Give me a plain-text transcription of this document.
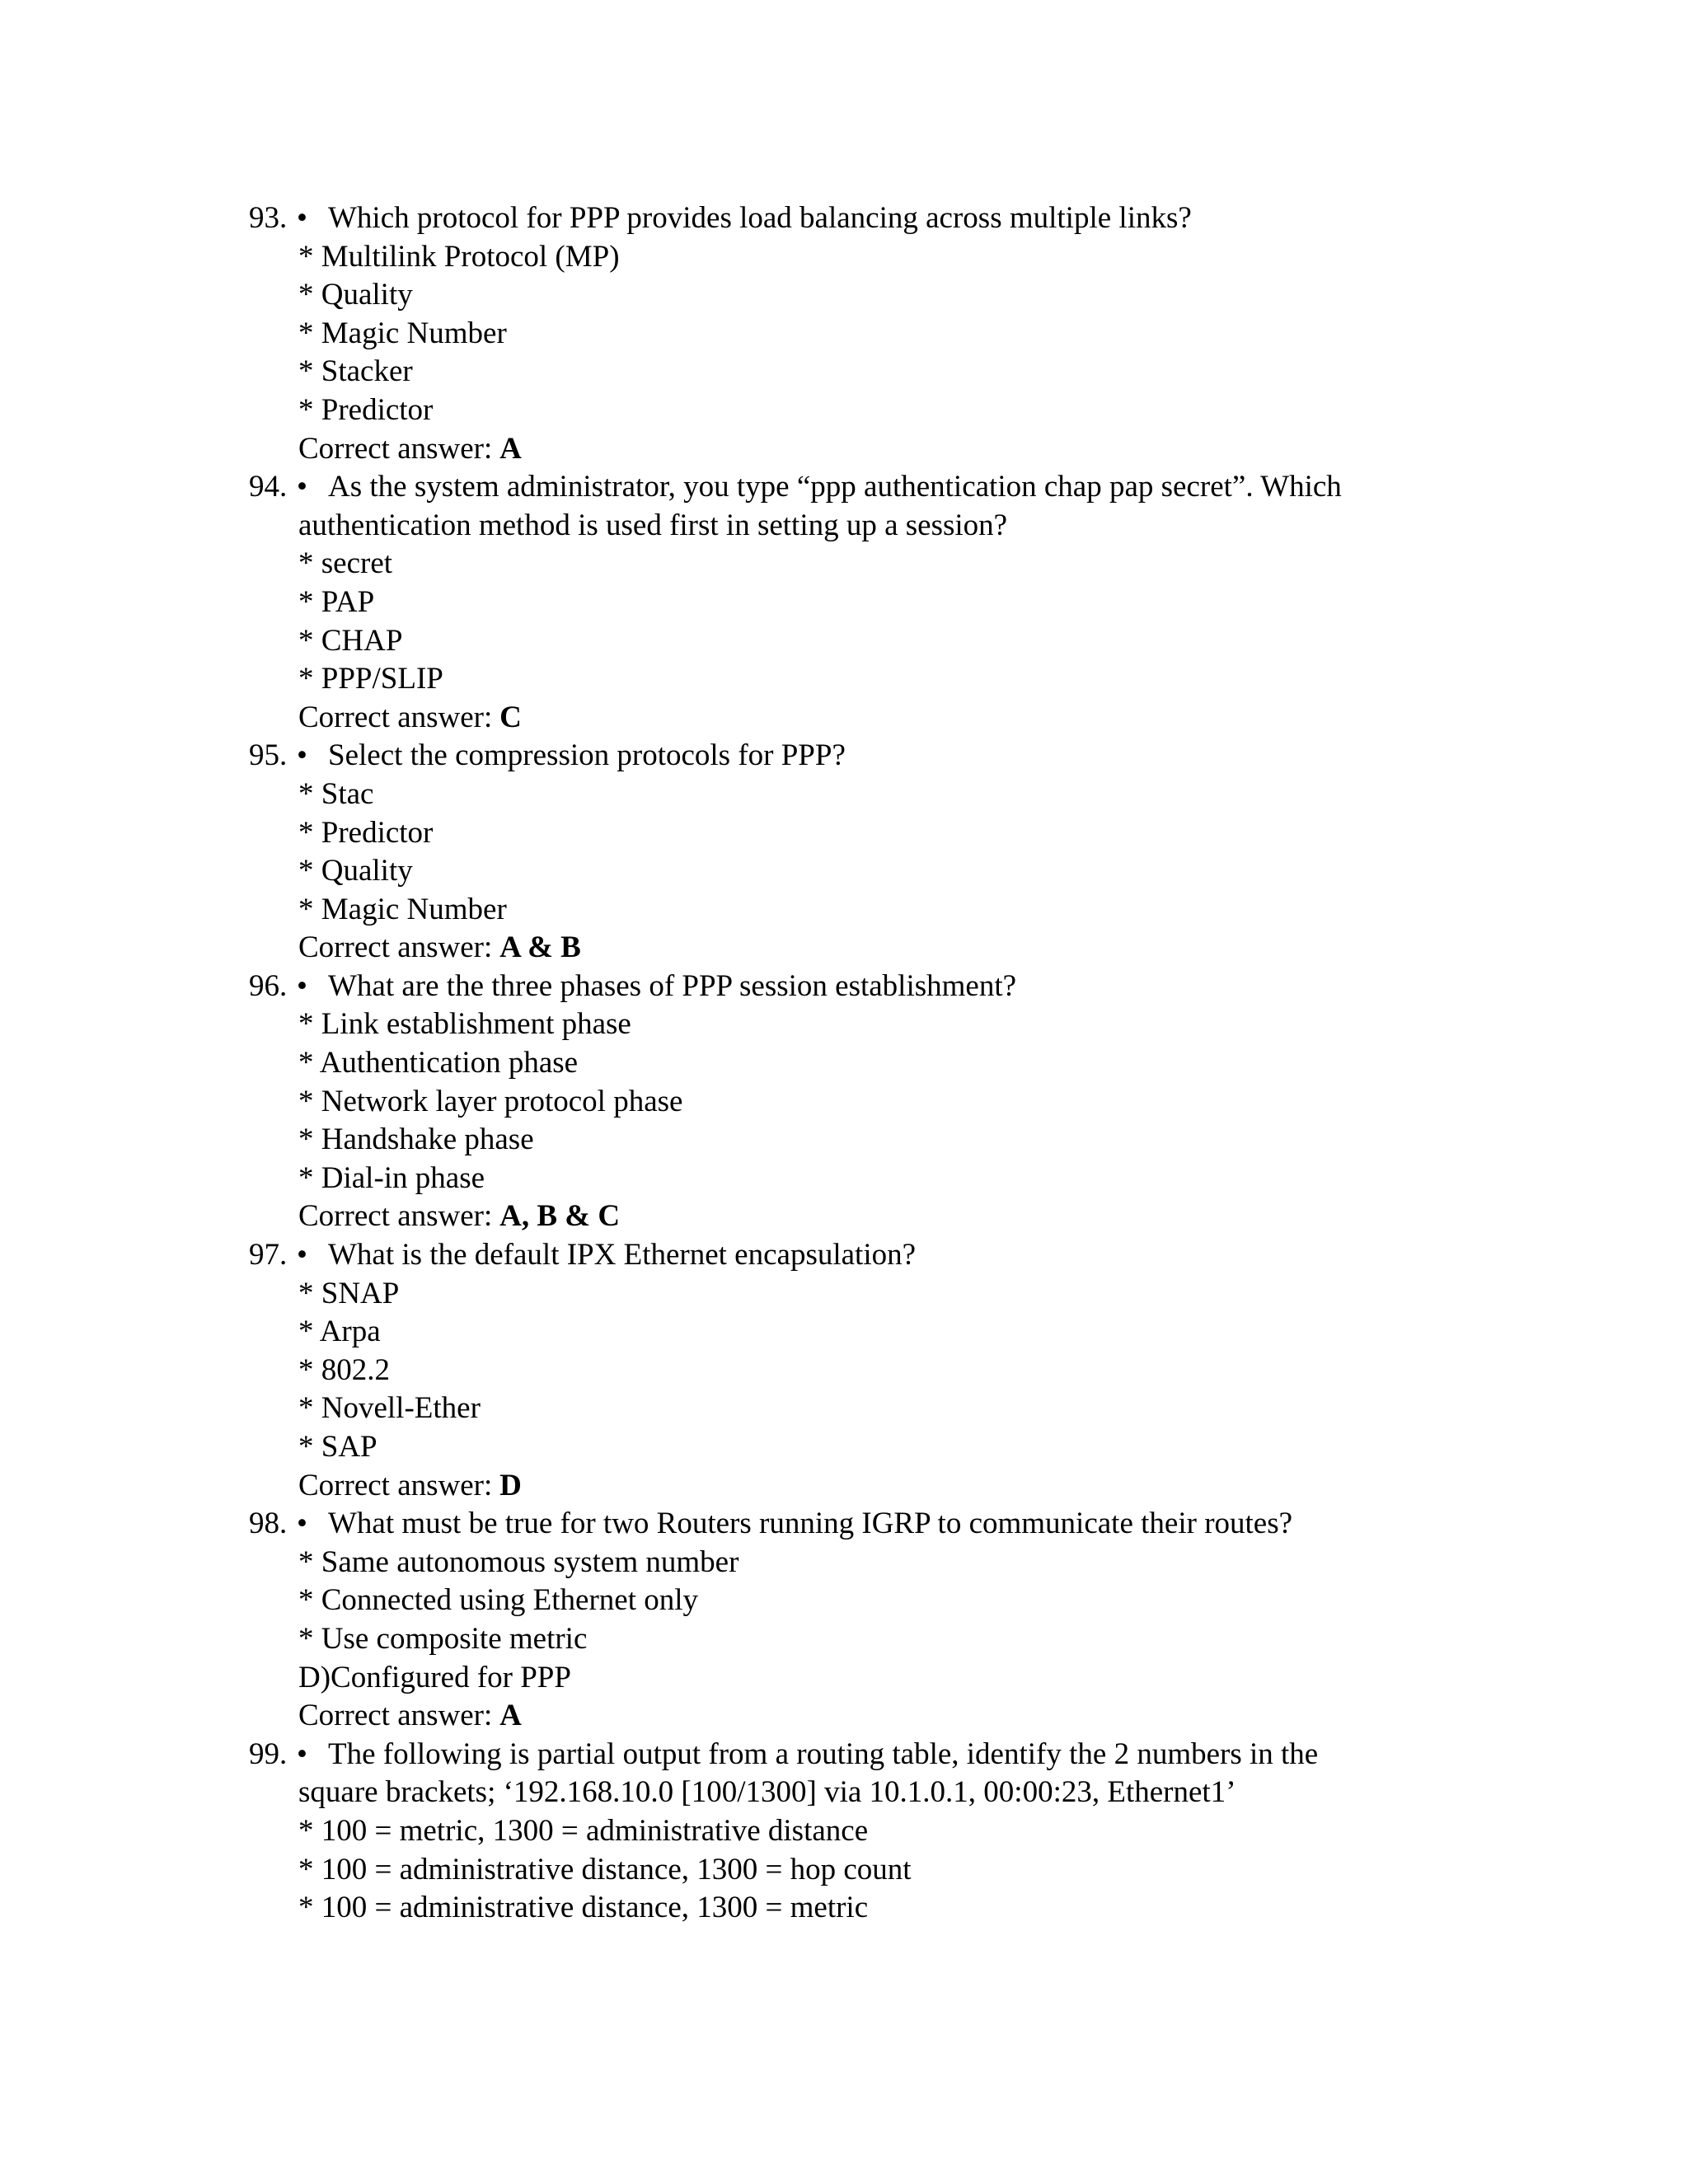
93. • Which protocol for PPP provides load balancing across multiple links?
* Multilink Protocol (MP)
* Quality
* Magic Number
* Stacker
* Predictor
Correct answer: A
94. • As the system administrator, you type “ppp authentication chap pap secret”. Which
authentication method is used first in setting up a session?
* secret
* PAP
* CHAP
* PPP/SLIP
Correct answer: C
95. • Select the compression protocols for PPP?
* Stac
* Predictor
* Quality
* Magic Number
Correct answer: A & B
96. • What are the three phases of PPP session establishment?
* Link establishment phase
* Authentication phase
* Network layer protocol phase
* Handshake phase
* Dial-in phase
Correct answer: A, B & C
97. • What is the default IPX Ethernet encapsulation?
* SNAP
* Arpa
* 802.2
* Novell-Ether
* SAP
Correct answer: D
98. • What must be true for two Routers running IGRP to communicate their routes?
* Same autonomous system number
* Connected using Ethernet only
* Use composite metric
D)Configured for PPP
Correct answer: A
99. • The following is partial output from a routing table, identify the 2 numbers in the
square brackets; ‘192.168.10.0 [100/1300] via 10.1.0.1, 00:00:23, Ethernet1’
* 100 = metric, 1300 = administrative distance
* 100 = administrative distance, 1300 = hop count
* 100 = administrative distance, 1300 = metric
